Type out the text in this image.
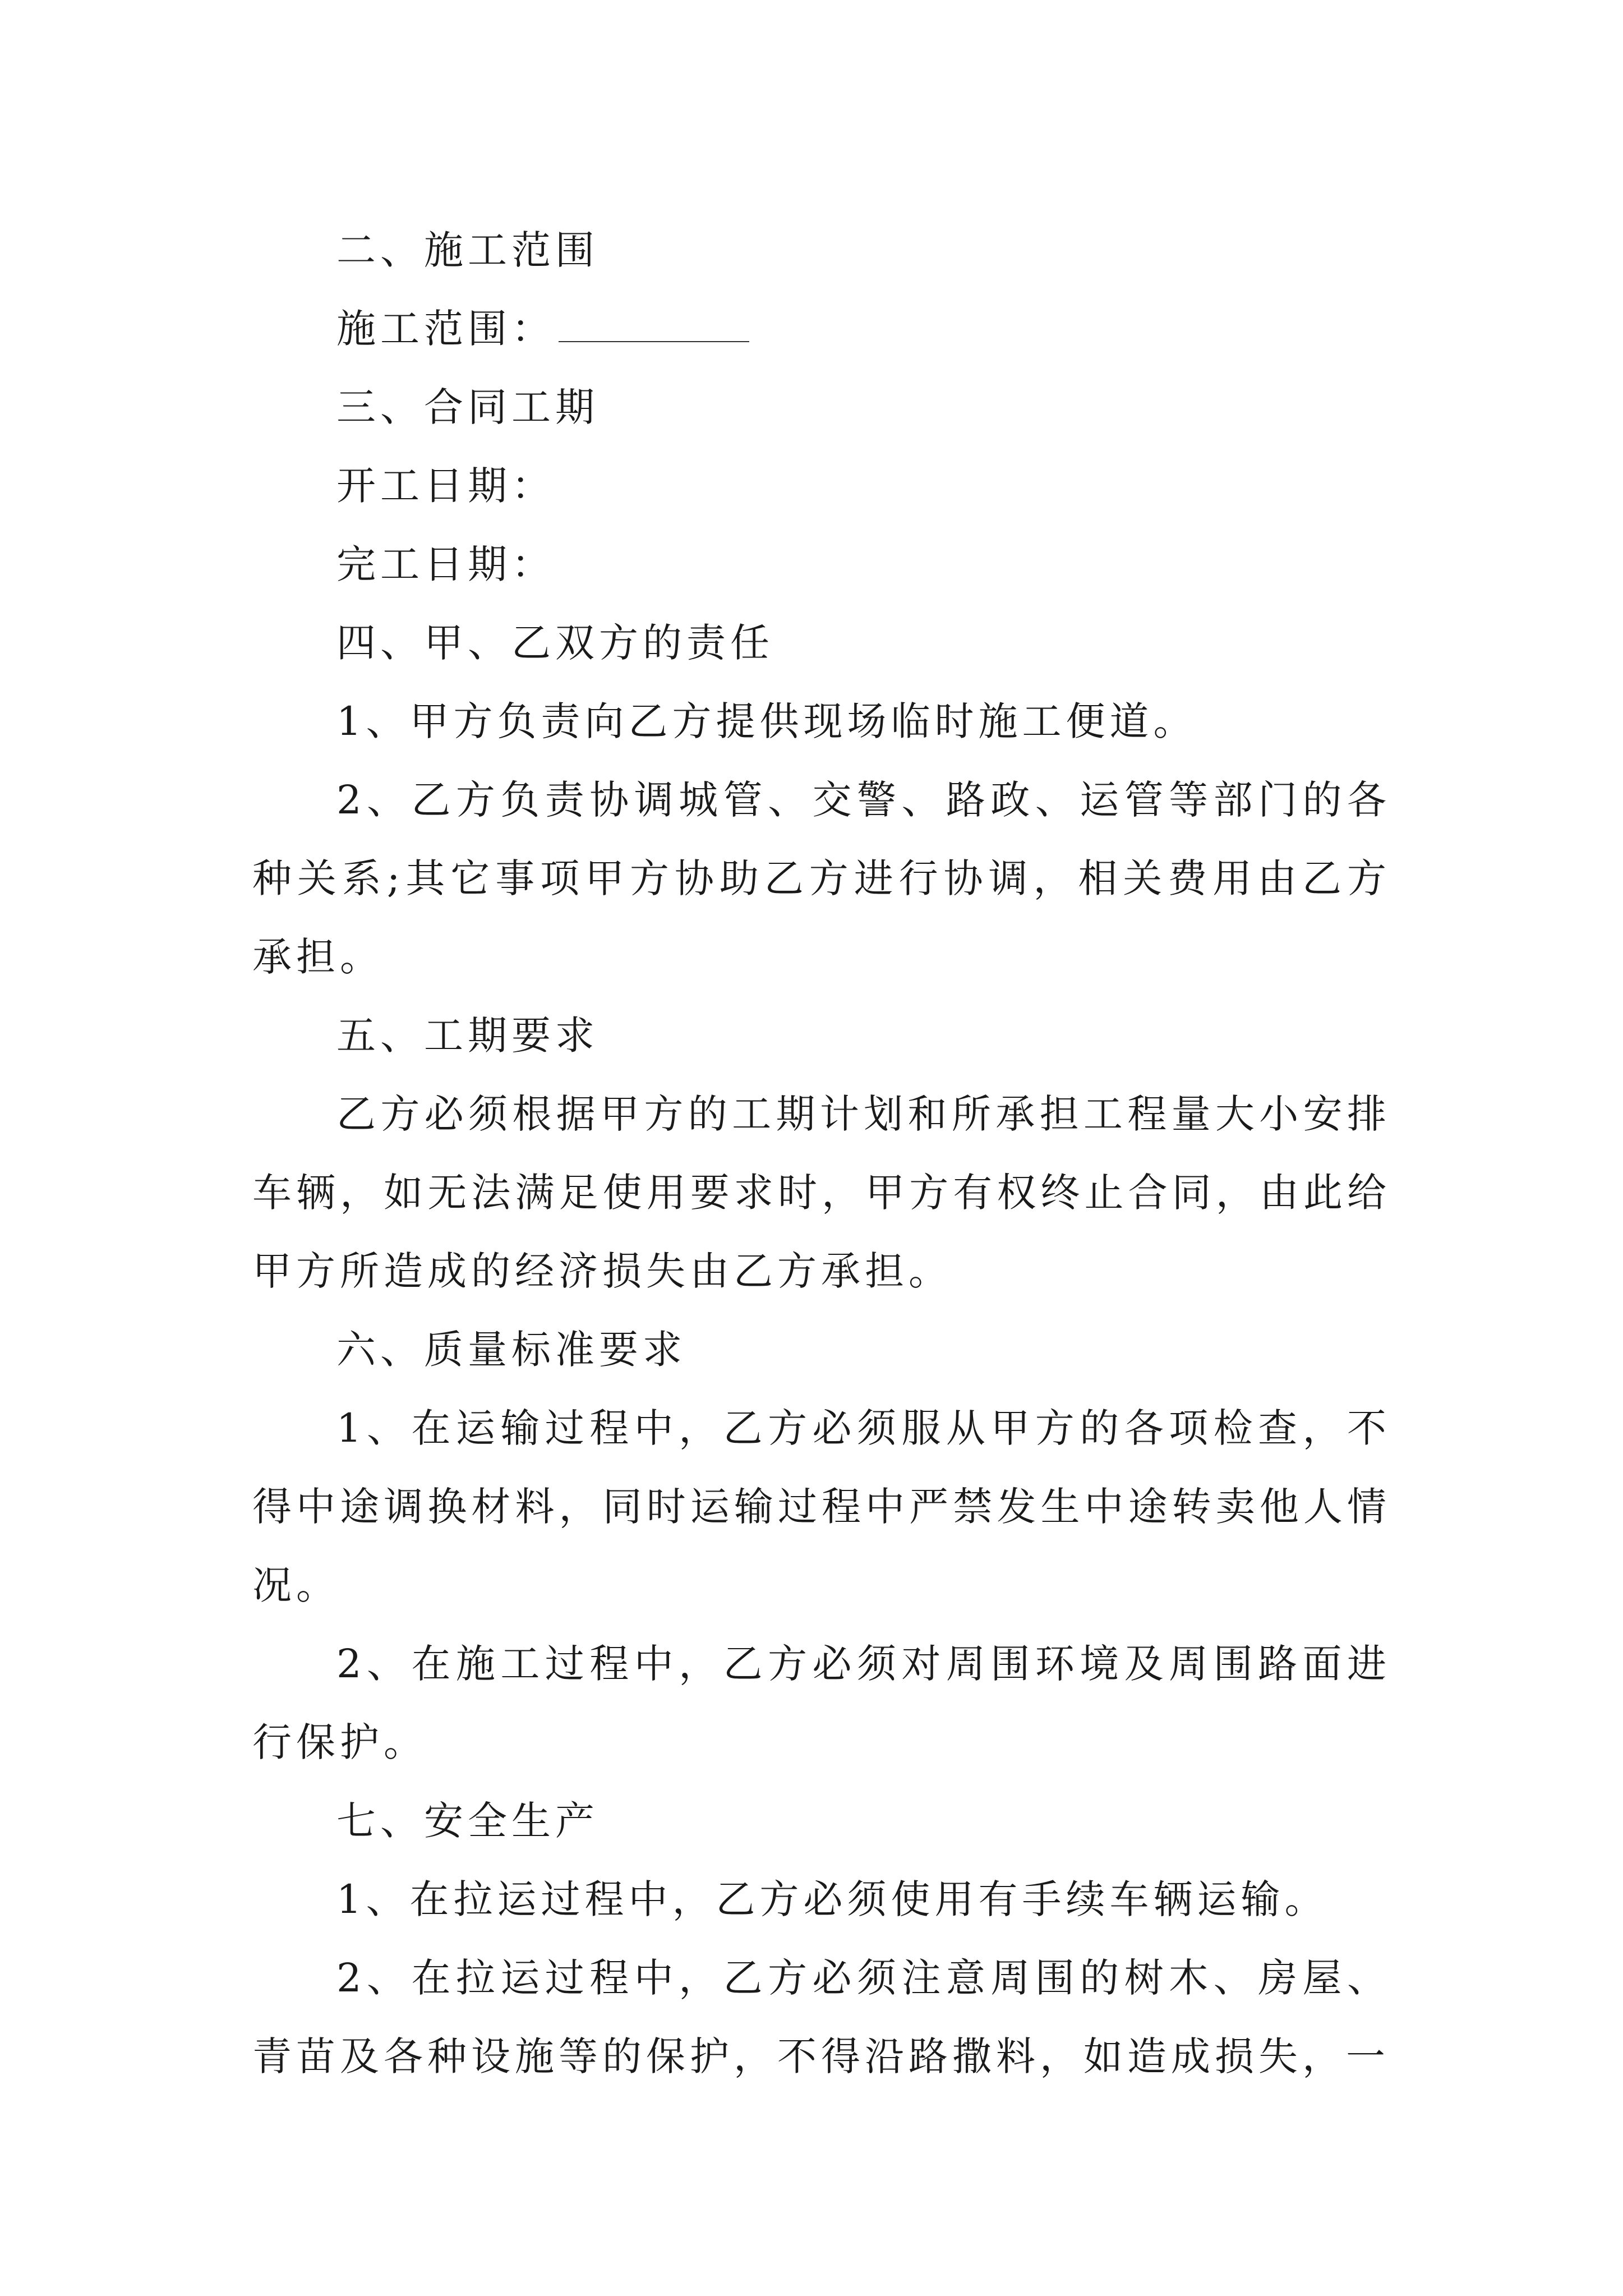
二、施工范围

施工范围：

三、合同工期

开工日期：

完工日期：

四、甲、乙双方的责任

1、甲方负责向乙方提供现场临时施工便道。

2、乙方负责协调城管、交警、路政、运管等部门的各种关系;其它事项甲方协助乙方进行协调，相关费用由乙方承担。

五、工期要求

乙方必须根据甲方的工期计划和所承担工程量大小安排车辆，如无法满足使用要求时，甲方有权终止合同，由此给甲方所造成的经济损失由乙方承担。

六、质量标准要求

1、在运输过程中，乙方必须服从甲方的各项检查，不得中途调换材料，同时运输过程中严禁发生中途转卖他人情况。

2、在施工过程中，乙方必须对周围环境及周围路面进行保护。

七、安全生产

1、在拉运过程中，乙方必须使用有手续车辆运输。

2、在拉运过程中，乙方必须注意周围的树木、房屋、青苗及各种设施等的保护，不得沿路撒料，如造成损失，一
